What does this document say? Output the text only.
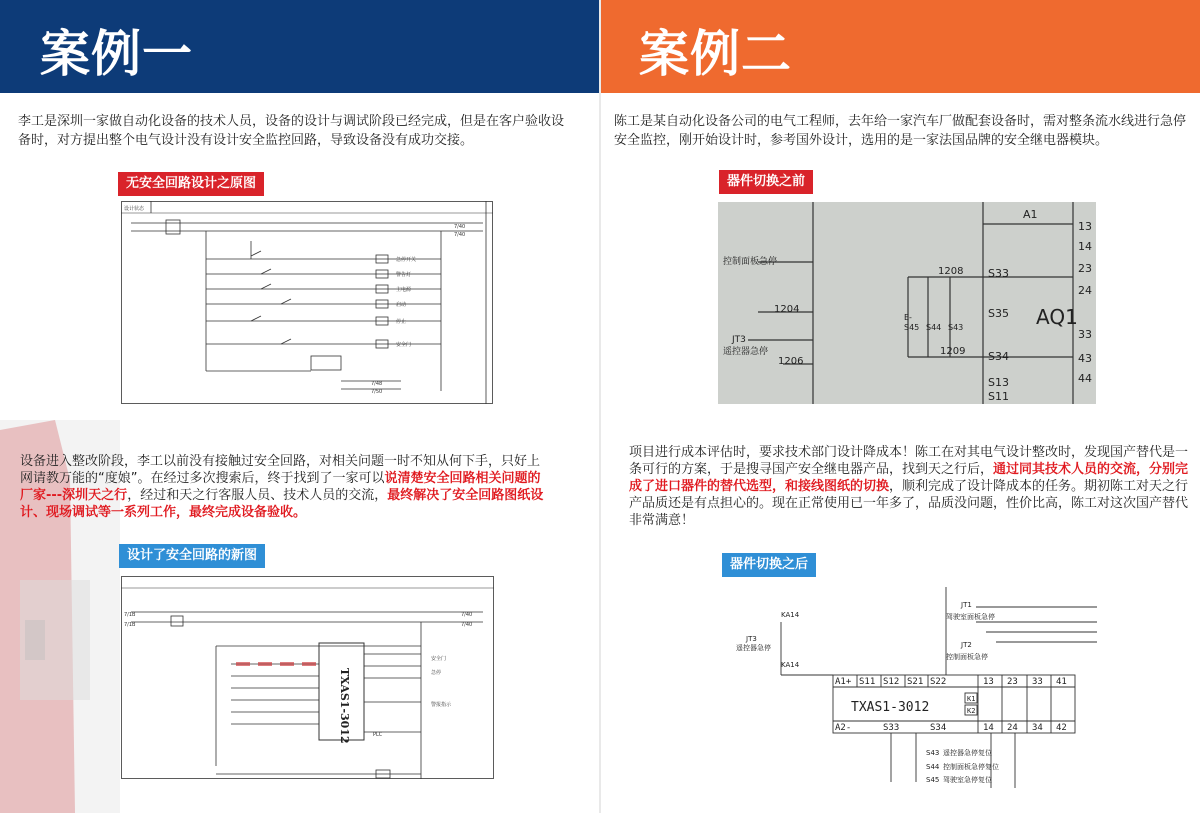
案例一
李工是深圳一家做自动化设备的技术人员，设备的设计与调试阶段已经完成，但是在客户验收设备时，对方提出整个电气设计没有设计安全监控回路，导致设备没有成功交接。
无安全回路设计之原图
设计状态
7/40
7/40
急停开关
警告灯
主电源
启动
停止
安全门
7/48
7/50
设备进入整改阶段，李工以前没有接触过安全回路，对相关问题一时不知从何下手，只好上网请教万能的“度娘”。在经过多次搜索后，终于找到了一家可以说清楚安全回路相关问题的厂家---深圳天之行，经过和天之行客服人员、技术人员的交流，最终解决了安全回路图纸设计、现场调试等一系列工作，最终完成设备验收。
设计了安全回路的新图
TXAS1-3012
7/1B
7/1B
7/40
7/40
安全门
急停
警报指示
PLC
案例二
陈工是某自动化设备公司的电气工程师，去年给一家汽车厂做配套设备时，需对整条流水线进行急停安全监控，刚开始设计时，参考国外设计，选用的是一家法国品牌的安全继电器模块。
器件切换之前
A1
S33
S35
S34
S13
S11
13
14
23
24
33
43
44
1208
1209
1204
1206
E-
S45 S44 S43
控制面板急停
JT3
遥控器急停
AQ1
项目进行成本评估时，要求技术部门设计降成本！陈工在对其电气设计整改时，发现国产替代是一条可行的方案，于是搜寻国产安全继电器产品，找到天之行后，通过同其技术人员的交流，分别完成了进口器件的替代选型，和接线图纸的切换，顺利完成了设计降成本的任务。期初陈工对天之行产品质还是有点担心的。现在正常使用已一年多了，品质没问题，性价比高，陈工对这次国产替代非常满意！
器件切换之后
TXAS1-3012
A1+ S11 S12 S21 S22	13 23 33 41
A2-	S33	S34	14 24 34 42
K1
K2
KA14
JT3
遥控器急停
KA14
JT1
驾驶室面板急停
JT2
控制面板急停
S43 遥控器急停复位
S44 控制面板急停复位
S45 驾驶室急停复位
